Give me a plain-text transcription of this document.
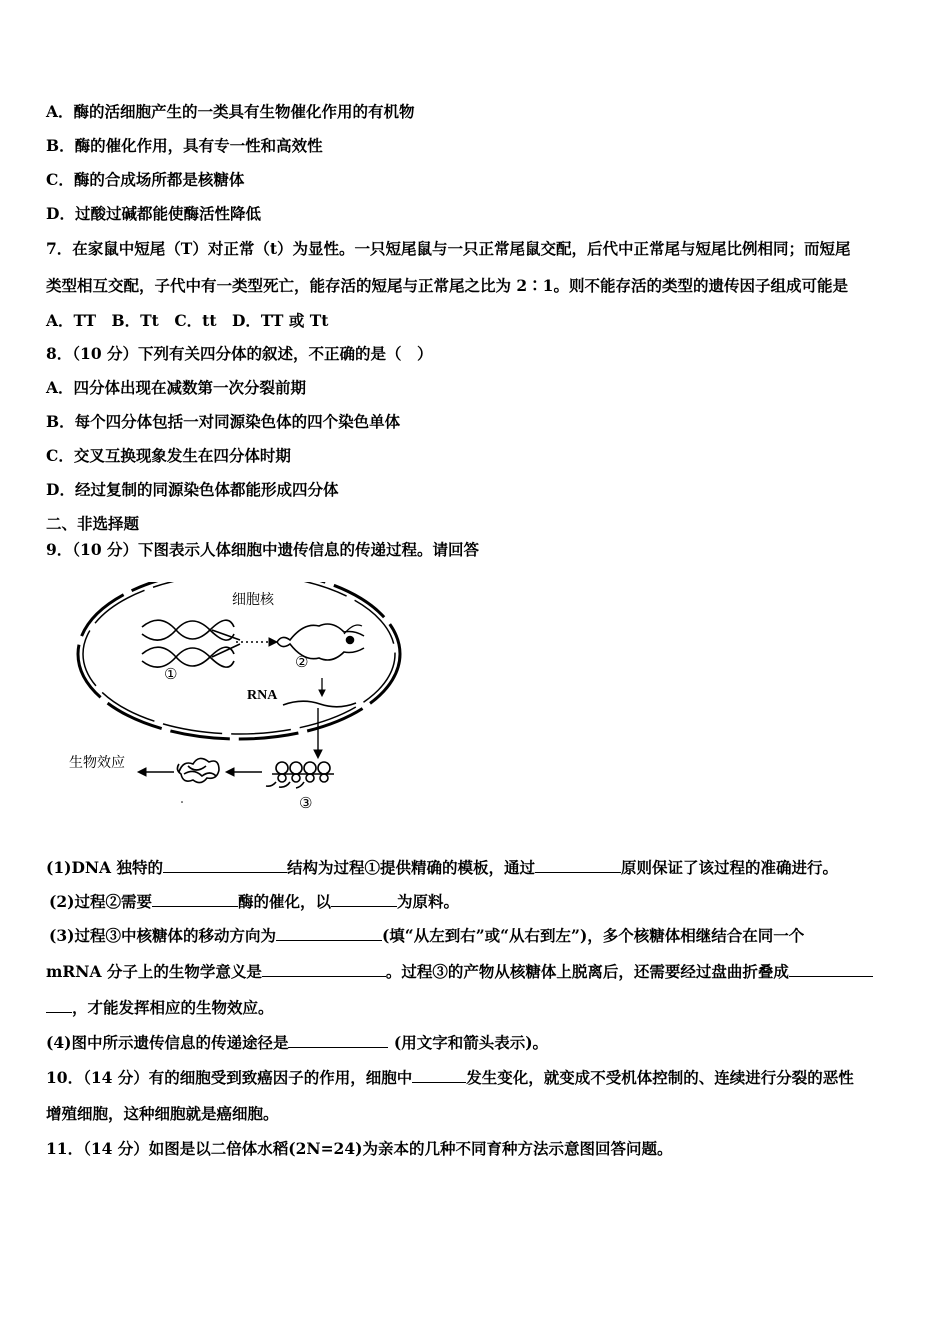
A．酶的活细胞产生的一类具有生物催化作用的有机物
B．酶的催化作用，具有专一性和高效性
C．酶的合成场所都是核糖体
D．过酸过碱都能使酶活性降低
7．在家鼠中短尾（T）对正常（t）为显性。一只短尾鼠与一只正常尾鼠交配，后代中正常尾与短尾比例相同；而短尾
类型相互交配，子代中有一类型死亡，能存活的短尾与正常尾之比为 2∶1。则不能存活的类型的遗传因子组成可能是
A．TT　B．Tt　C．tt　D．TT 或 Tt
8．（10 分）下列有关四分体的叙述，不正确的是（　）
A．四分体出现在减数第一次分裂前期
B．每个四分体包括一对同源染色体的四个染色单体
C．交叉互换现象发生在四分体时期
D．经过复制的同源染色体都能形成四分体
二、非选择题
9．（10 分）下图表示人体细胞中遗传信息的传递过程。请回答
细胞核
①
②
RNA
③
生物效应
(1)DNA 独特的	结构为过程①提供精确的模板，通过	原则保证了该过程的准确进行。
(2)过程②需要	酶的催化，以	为原料。
(3)过程③中核糖体的移动方向为	(填“从左到右”或“从右到左”)，多个核糖体相继结合在同一个
mRNA 分子上的生物学意义是	。过程③的产物从核糖体上脱离后，还需要经过盘曲折叠成
，才能发挥相应的生物效应。
(4)图中所示遗传信息的传递途径是	(用文字和箭头表示)。
10．（14 分）有的细胞受到致癌因子的作用，细胞中	发生变化，就变成不受机体控制的、连续进行分裂的恶性
增殖细胞，这种细胞就是癌细胞。
11．（14 分）如图是以二倍体水稻(2N=24)为亲本的几种不同育种方法示意图回答问题。
